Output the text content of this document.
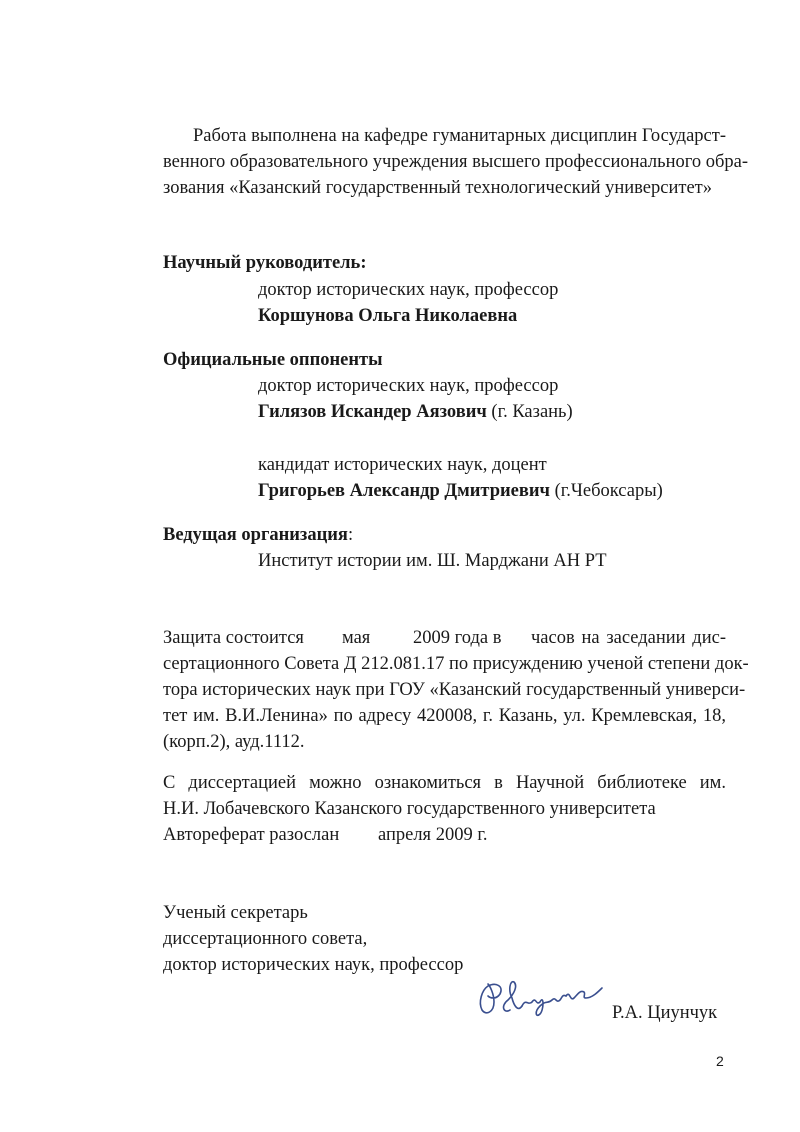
Работа выполнена на кафедре гуманитарных дисциплин Государст-
венного образовательного учреждения высшего профессионального обра-
зования «Казанский государственный технологический университет»
Научный руководитель:
доктор исторических наук, профессор
Коршунова Ольга Николаевна
Официальные оппоненты
доктор исторических наук, профессор
Гилязов Искандер Аязович (г. Казань)
кандидат исторических наук, доцент
Григорьев Александр Дмитриевич (г.Чебоксары)
Ведущая организация:
Институт истории им. Ш. Марджани АН РТ
Защита состоится мая 2009 года в часов на заседании дис-
сертационного Совета Д 212.081.17 по присуждению ученой степени док-
тора исторических наук при ГОУ «Казанский государственный универси-
тет им. В.И.Ленина» по адресу 420008, г. Казань, ул. Кремлевская, 18,
(корп.2), ауд.1112.
С диссертацией можно ознакомиться в Научной библиотеке им.
Н.И. Лобачевского Казанского государственного университета
Автореферат разослан апреля 2009 г.
Ученый секретарь
диссертационного совета,
доктор исторических наук, профессор
Р.А. Циунчук
2
